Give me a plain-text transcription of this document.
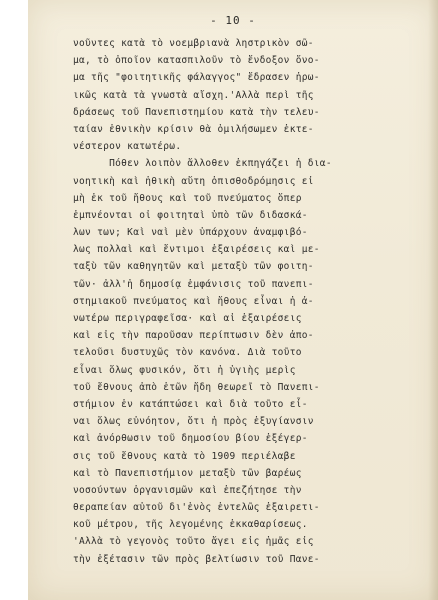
- 10 -
νοῦντες κατὰ τὸ νοεμβριανὰ ληστρικὸν σῶ-
μα, τὸ ὁποῖον κατασπιλοῦν τὸ ἔνδοξον ὄνο-
μα τῆς "φοιτητικῆς φάλαγγος" ἔδρασεν ἠρω-
ικῶς κατὰ τὰ γνωστὰ αἴσχη.'Αλλὰ περὶ τῆς
δράσεως τοῦ Πανεπιστημίου κατὰ τὴν τελευ-
ταίαν ἐθνικὴν κρίσιν θὰ ὁμιλήσωμεν ἐκτε-
νέστερον κατωτέρω.
Πόθεν λοιπὸν ἄλλοθεν ἐκπηγάζει ἡ δια-
νοητικὴ καὶ ἠθικὴ αὕτη ὀπισθοδρόμησις εἰ
μὴ ἐκ τοῦ ἤθους καὶ τοῦ πνεύματος ὅπερ
ἐμπνέονται οἱ φοιτηταὶ ὑπὸ τῶν διδασκά-
λων των; Καὶ ναὶ μὲν ὑπάρχουν ἀναμφιβό-
λως πολλαὶ καὶ ἔντιμοι ἐξαιρέσεις καὶ με-
ταξὺ τῶν καθηγητῶν καὶ μεταξὺ τῶν φοιτη-
τῶν· ἀλλ'ἡ δημοσίᾳ ἐμφάνισις τοῦ πανεπι-
στημιακοῦ πνεύματος καὶ ἤθους εἶναι ἡ ἀ-
νωτέρω περιγραφεῖσα· καὶ αἱ ἐξαιρέσεις
καὶ εἰς τὴν παροῦσαν περίπτωσιν δὲν ἀπο-
τελοῦσι δυστυχῶς τὸν κανόνα. Διὰ τοῦτο
εἶναι ὅλως φυσικόν, ὅτι ἡ ὑγιὴς μερὶς
τοῦ ἔθνους ἀπὸ ἐτῶν ἤδη θεωρεῖ τὸ Πανεπι-
στήμιον ἐν κατάπτώσει καὶ διὰ τοῦτο εἶ-
ναι ὅλως εὐνόητον, ὅτι ἡ πρὸς ἐξυγίανσιν
καὶ ἀνόρθωσιν τοῦ δημοσίου βίου ἐξέγερ-
σις τοῦ ἔθνους κατὰ τὸ 1909 περιέλαβε
καὶ τὸ Πανεπιστήμιον μεταξὺ τῶν βαρέως
νοσούντων ὀργανισμῶν καὶ ἐπεζήτησε τὴν
θεραπείαν αὐτοῦ δι'ἑνὸς ἐντελῶς ἐξαιρετι-
κοῦ μέτρου, τῆς λεγομένης ἐκκαθαρίσεως.
'Αλλὰ τὸ γεγονὸς τοῦτο ἄγει εἰς ἡμᾶς εἰς
τὴν ἐξέτασιν τῶν πρὸς βελτίωσιν τοῦ Πανε-
